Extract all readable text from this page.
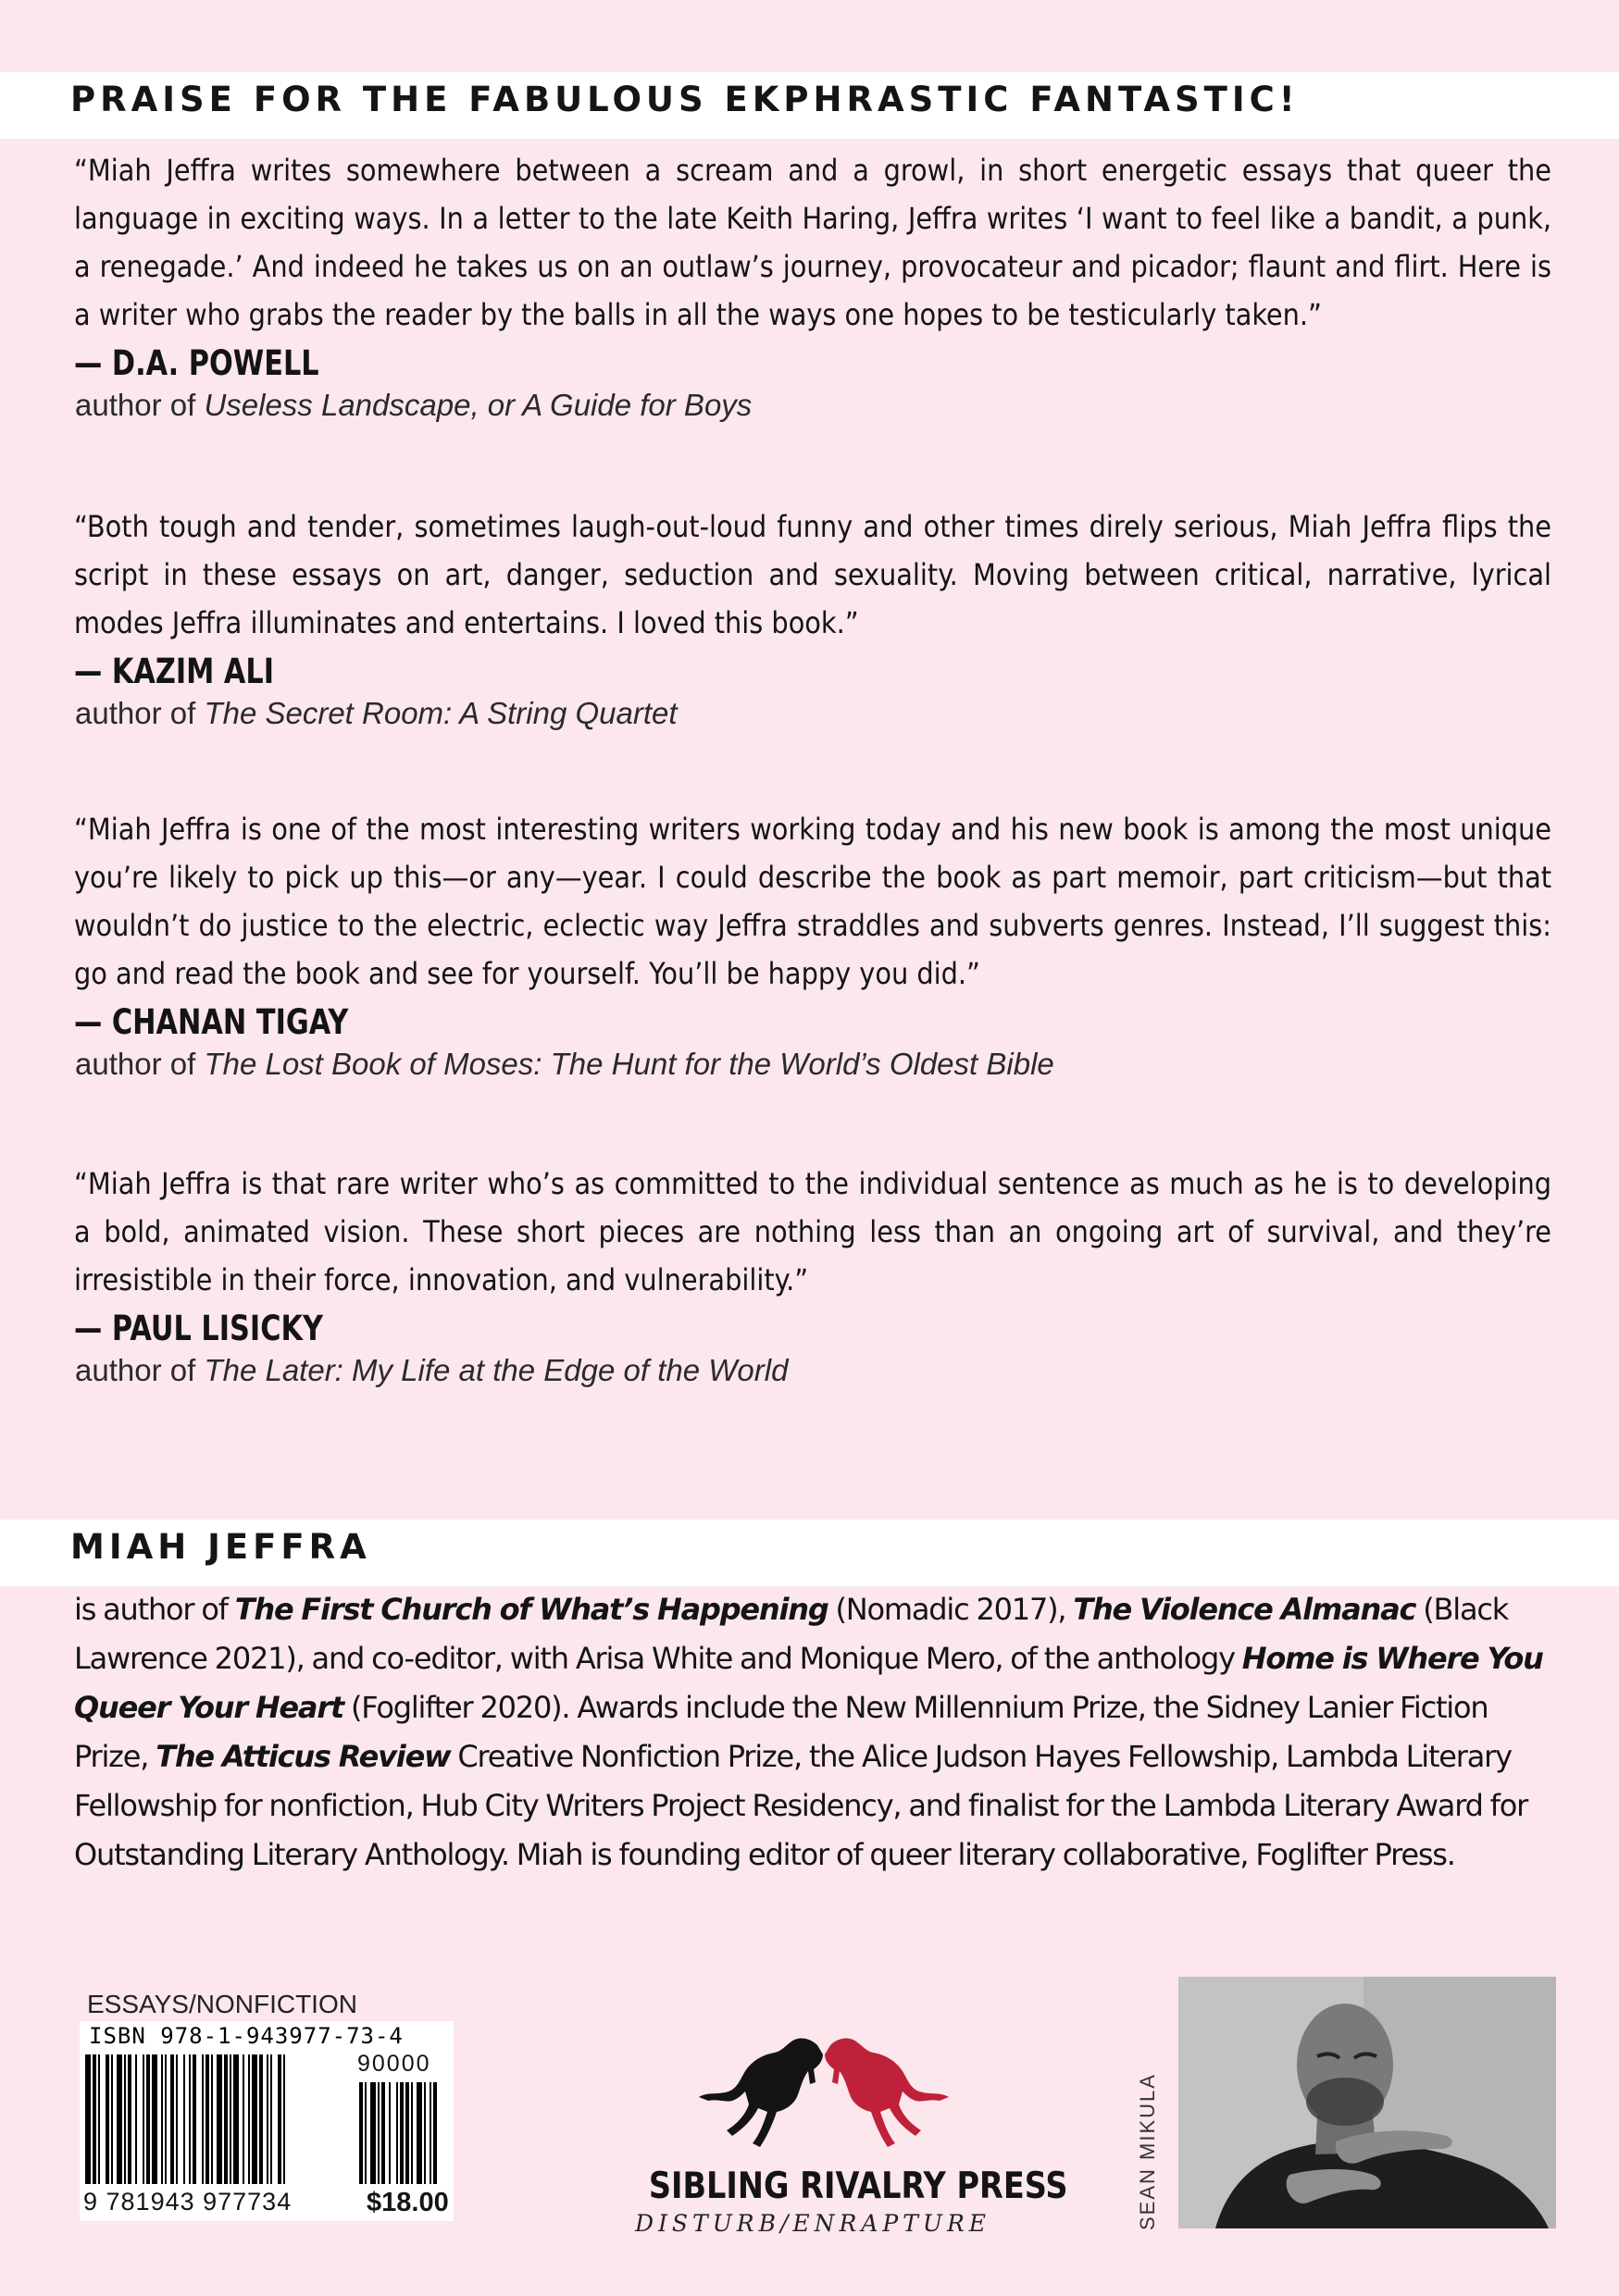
PRAISE FOR THE FABULOUS EKPHRASTIC FANTASTIC!
“Miah Jeffra writes somewhere between a scream and a growl, in short energetic essays that queer the language in exciting ways. In a letter to the late Keith Haring, Jeffra writes ‘I want to feel like a bandit, a punk, a renegade.’ And indeed he takes us on an outlaw’s journey, provocateur and picador; flaunt and flirt. Here is a writer who grabs the reader by the balls in all the ways one hopes to be testicularly taken.”
— D.A. POWELL
author of Useless Landscape, or A Guide for Boys
“Both tough and tender, sometimes laugh-out-loud funny and other times direly serious, Miah Jeffra flips the script in these essays on art, danger, seduction and sexuality. Moving between critical, narrative, lyrical modes Jeffra illuminates and entertains. I loved this book.”
— KAZIM ALI
author of The Secret Room: A String Quartet
“Miah Jeffra is one of the most interesting writers working today and his new book is among the most unique you’re likely to pick up this—or any—year. I could describe the book as part memoir, part criticism—but that wouldn’t do justice to the electric, eclectic way Jeffra straddles and subverts genres. Instead, I’ll suggest this: go and read the book and see for yourself. You’ll be happy you did.”
— CHANAN TIGAY
author of The Lost Book of Moses: The Hunt for the World’s Oldest Bible
“Miah Jeffra is that rare writer who’s as committed to the individual sentence as much as he is to developing a bold, animated vision. These short pieces are nothing less than an ongoing art of survival, and they’re irresistible in their force, innovation, and vulnerability.”
— PAUL LISICKY
author of The Later: My Life at the Edge of the World
MIAH JEFFRA
is author of The First Church of What’s Happening (Nomadic 2017), The Violence Almanac (Black Lawrence 2021), and co-editor, with Arisa White and Monique Mero, of the anthology Home is Where You Queer Your Heart (Foglifter 2020). Awards include the New Millennium Prize, the Sidney Lanier Fiction Prize, The Atticus Review Creative Nonfiction Prize, the Alice Judson Hayes Fellowship, Lambda Literary Fellowship for nonfiction, Hub City Writers Project Residency, and finalist for the Lambda Literary Award for Outstanding Literary Anthology. Miah is founding editor of queer literary collaborative, Foglifter Press.
ESSAYS/NONFICTION
ISBN 978-1-943977-73-4
90000
9 781943 977734	$18.00	SIBLING RIVALRY PRESS
DISTURB/ENRAPTURE	SEAN MIKULA
